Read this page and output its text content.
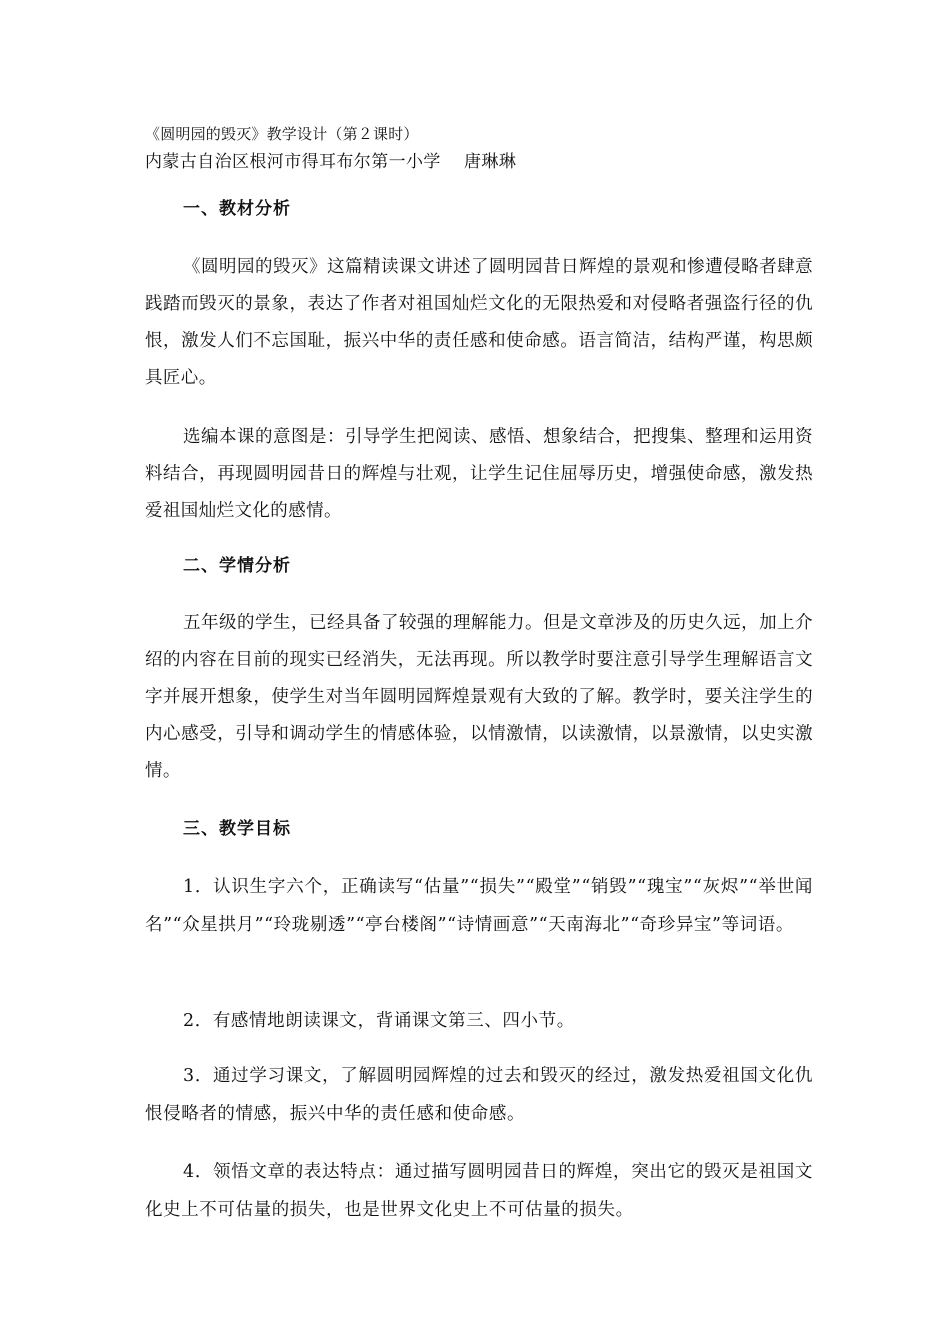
《圆明园的毁灭》教学设计（第２课时）

内蒙古自治区根河市得耳布尔第一小学    唐琳琳

一、教材分析

《圆明园的毁灭》这篇精读课文讲述了圆明园昔日辉煌的景观和惨遭侵略者肆意践踏而毁灭的景象，表达了作者对祖国灿烂文化的无限热爱和对侵略者强盗行径的仇恨，激发人们不忘国耻，振兴中华的责任感和使命感。语言简洁，结构严谨，构思颇具匠心。

选编本课的意图是：引导学生把阅读、感悟、想象结合，把搜集、整理和运用资料结合，再现圆明园昔日的辉煌与壮观，让学生记住屈辱历史，增强使命感，激发热爱祖国灿烂文化的感情。

二、学情分析

五年级的学生，已经具备了较强的理解能力。但是文章涉及的历史久远，加上介绍的内容在目前的现实已经消失，无法再现。所以教学时要注意引导学生理解语言文字并展开想象，使学生对当年圆明园辉煌景观有大致的了解。教学时，要关注学生的内心感受，引导和调动学生的情感体验，以情激情，以读激情，以景激情，以史实激情。

三、教学目标

1．认识生字六个，正确读写“估量”“损失”“殿堂”“销毁”“瑰宝”“灰烬”“举世闻名”“众星拱月”“玲珑剔透”“亭台楼阁”“诗情画意”“天南海北”“奇珍异宝”等词语。

2．有感情地朗读课文，背诵课文第三、四小节。

3．通过学习课文，了解圆明园辉煌的过去和毁灭的经过，激发热爱祖国文化仇恨侵略者的情感，振兴中华的责任感和使命感。

4．领悟文章的表达特点：通过描写圆明园昔日的辉煌，突出它的毁灭是祖国文化史上不可估量的损失，也是世界文化史上不可估量的损失。
